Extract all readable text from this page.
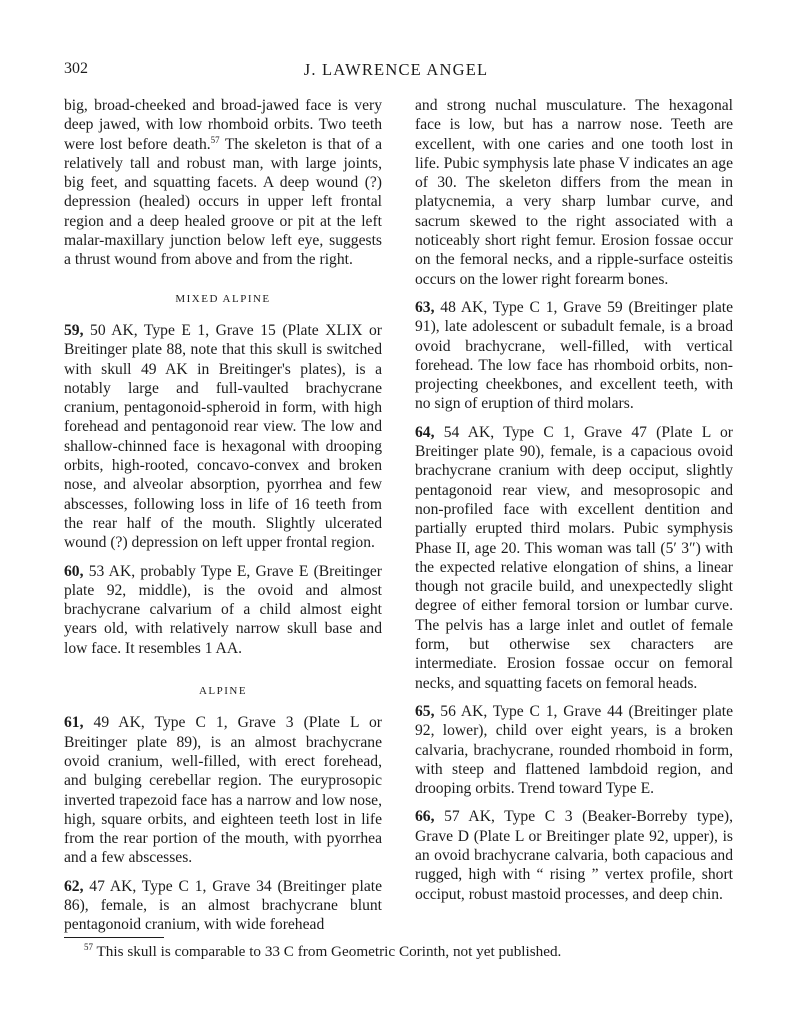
302	J. LAWRENCE ANGEL

big, broad-cheeked and broad-jawed face is very deep jawed, with low rhomboid orbits. Two teeth were lost before death.$^{57}$ The skeleton is that of a relatively tall and robust man, with large joints, big feet, and squatting facets. A deep wound (?) depression (healed) occurs in upper left frontal region and a deep healed groove or pit at the left malar-maxillary junction below left eye, suggests a thrust wound from above and from the right.

MIXED ALPINE

59, 50 AK, Type E 1, Grave 15 (Plate XLIX or Breitinger plate 88, note that this skull is switched with skull 49 AK in Breitinger's plates), is a notably large and full-vaulted brachycrane cranium, pentagonoid-spheroid in form, with high forehead and pentagonoid rear view. The low and shallow-chinned face is hexagonal with drooping orbits, high-rooted, concavo-convex and broken nose, and alveolar absorption, pyorrhea and few abscesses, following loss in life of 16 teeth from the rear half of the mouth. Slightly ulcerated wound (?) depression on left upper frontal region.

60, 53 AK, probably Type E, Grave E (Breitinger plate 92, middle), is the ovoid and almost brachycrane calvarium of a child almost eight years old, with relatively narrow skull base and low face. It resembles 1 AA.

ALPINE

61, 49 AK, Type C 1, Grave 3 (Plate L or Breitinger plate 89), is an almost brachycrane ovoid cranium, well-filled, with erect forehead, and bulging cerebellar region. The euryprosopic inverted trapezoid face has a narrow and low nose, high, square orbits, and eighteen teeth lost in life from the rear portion of the mouth, with pyorrhea and a few abscesses.

62, 47 AK, Type C 1, Grave 34 (Breitinger plate 86), female, is an almost brachycrane blunt pentagonoid cranium, with wide forehead

and strong nuchal musculature. The hexagonal face is low, but has a narrow nose. Teeth are excellent, with one caries and one tooth lost in life. Pubic symphysis late phase V indicates an age of 30. The skeleton differs from the mean in platycnemia, a very sharp lumbar curve, and sacrum skewed to the right associated with a noticeably short right femur. Erosion fossae occur on the femoral necks, and a ripple-surface osteitis occurs on the lower right forearm bones.

63, 48 AK, Type C 1, Grave 59 (Breitinger plate 91), late adolescent or subadult female, is a broad ovoid brachycrane, well-filled, with vertical forehead. The low face has rhomboid orbits, non-projecting cheekbones, and excellent teeth, with no sign of eruption of third molars.

64, 54 AK, Type C 1, Grave 47 (Plate L or Breitinger plate 90), female, is a capacious ovoid brachycrane cranium with deep occiput, slightly pentagonoid rear view, and mesoprosopic and non-profiled face with excellent dentition and partially erupted third molars. Pubic symphysis Phase II, age 20. This woman was tall (5′ 3″) with the expected relative elongation of shins, a linear though not gracile build, and unexpectedly slight degree of either femoral torsion or lumbar curve. The pelvis has a large inlet and outlet of female form, but otherwise sex characters are intermediate. Erosion fossae occur on femoral necks, and squatting facets on femoral heads.

65, 56 AK, Type C 1, Grave 44 (Breitinger plate 92, lower), child over eight years, is a broken calvaria, brachycrane, rounded rhomboid in form, with steep and flattened lambdoid region, and drooping orbits. Trend toward Type E.

66, 57 AK, Type C 3 (Beaker-Borreby type), Grave D (Plate L or Breitinger plate 92, upper), is an ovoid brachycrane calvaria, both capacious and rugged, high with “ rising ” vertex profile, short occiput, robust mastoid processes, and deep chin.

$^{57}$ This skull is comparable to 33 C from Geometric Corinth, not yet published.
